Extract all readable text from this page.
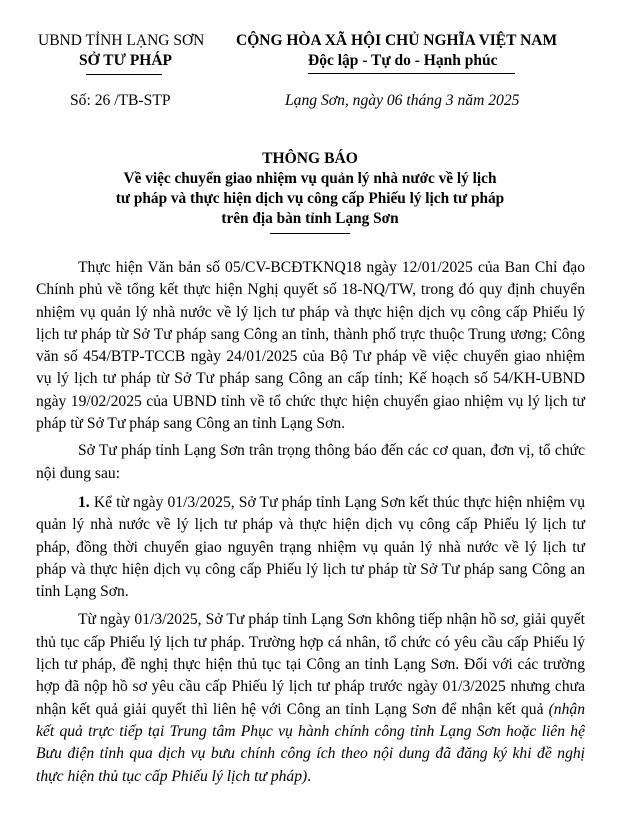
UBND TỈNH LẠNG SƠN
SỞ TƯ PHÁP
CỘNG HÒA XÃ HỘI CHỦ NGHĨA VIỆT NAM
Độc lập - Tự do - Hạnh phúc
Số: 26 /TB-STP	Lạng Sơn, ngày 06 tháng 3 năm 2025
THÔNG BÁO
Về việc chuyển giao nhiệm vụ quản lý nhà nước về lý lịch
tư pháp và thực hiện dịch vụ công cấp Phiếu lý lịch tư pháp
trên địa bàn tỉnh Lạng Sơn

Thực hiện Văn bản số 05/CV-BCĐTKNQ18 ngày 12/01/2025 của Ban Chỉ đạo Chính phủ về tổng kết thực hiện Nghị quyết số 18-NQ/TW, trong đó quy định chuyển nhiệm vụ quản lý nhà nước về lý lịch tư pháp và thực hiện dịch vụ công cấp Phiếu lý lịch tư pháp từ Sở Tư pháp sang Công an tỉnh, thành phố trực thuộc Trung ương; Công văn số 454/BTP-TCCB ngày 24/01/2025 của Bộ Tư pháp về việc chuyển giao nhiệm vụ lý lịch tư pháp từ Sở Tư pháp sang Công an cấp tỉnh; Kế hoạch số 54/KH-UBND ngày 19/02/2025 của UBND tỉnh về tổ chức thực hiện chuyển giao nhiệm vụ lý lịch tư pháp từ Sở Tư pháp sang Công an tỉnh Lạng Sơn.

Sở Tư pháp tỉnh Lạng Sơn trân trọng thông báo đến các cơ quan, đơn vị, tổ chức nội dung sau:

1. Kể từ ngày 01/3/2025, Sở Tư pháp tỉnh Lạng Sơn kết thúc thực hiện nhiệm vụ quản lý nhà nước về lý lịch tư pháp và thực hiện dịch vụ công cấp Phiếu lý lịch tư pháp, đồng thời chuyển giao nguyên trạng nhiệm vụ quản lý nhà nước về lý lịch tư pháp và thực hiện dịch vụ công cấp Phiếu lý lịch tư pháp từ Sở Tư pháp sang Công an tỉnh Lạng Sơn.

Từ ngày 01/3/2025, Sở Tư pháp tỉnh Lạng Sơn không tiếp nhận hồ sơ, giải quyết thủ tục cấp Phiếu lý lịch tư pháp. Trường hợp cá nhân, tổ chức có yêu cầu cấp Phiếu lý lịch tư pháp, đề nghị thực hiện thủ tục tại Công an tỉnh Lạng Sơn. Đối với các trường hợp đã nộp hồ sơ yêu cầu cấp Phiếu lý lịch tư pháp trước ngày 01/3/2025 nhưng chưa nhận kết quả giải quyết thì liên hệ với Công an tỉnh Lạng Sơn để nhận kết quả (nhận kết quả trực tiếp tại Trung tâm Phục vụ hành chính công tỉnh Lạng Sơn hoặc liên hệ Bưu điện tỉnh qua dịch vụ bưu chính công ích theo nội dung đã đăng ký khi đề nghị thực hiện thủ tục cấp Phiếu lý lịch tư pháp).
